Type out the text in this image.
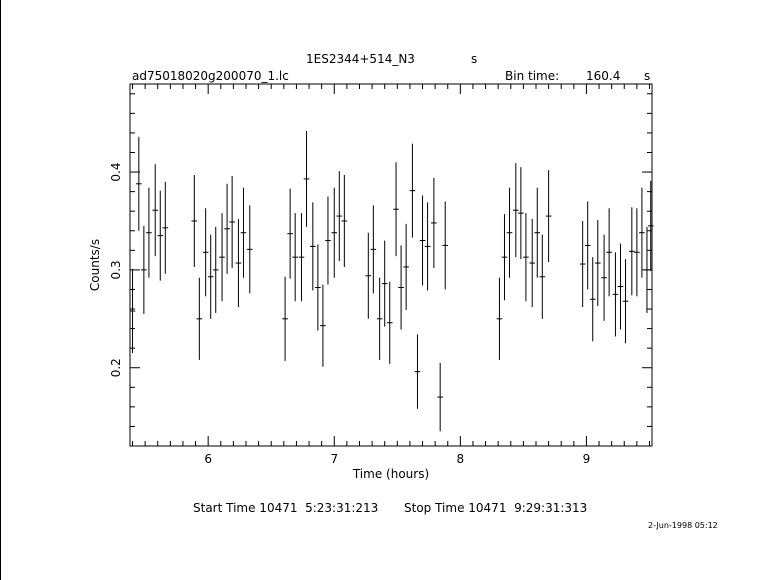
1ES2344+514_N3	s
ad75018020g200070_1.lc	Bin time: 160.4 s
6	7	8	9
0.2
0.3
0.4
Time (hours)
Counts/s
Start Time 10471  5:23:31:213 Stop Time 10471  9:29:31:313
2-Jun-1998 05:12
